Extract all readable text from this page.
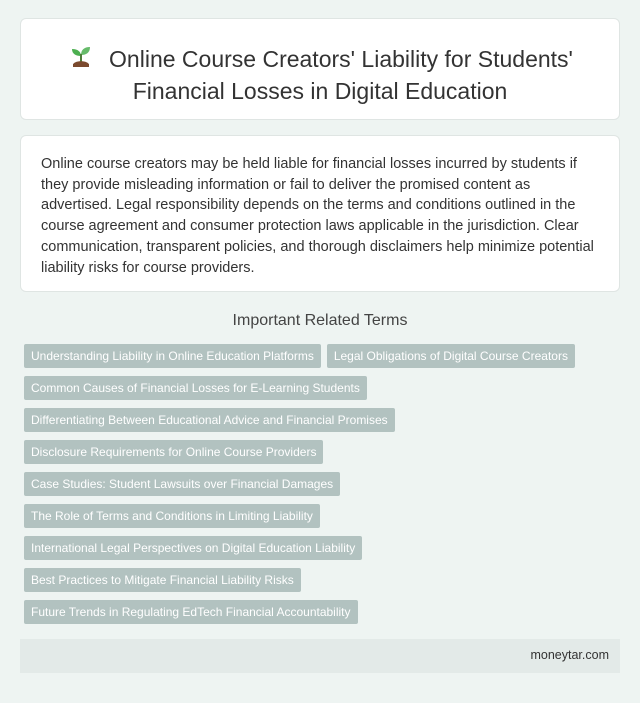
Online Course Creators' Liability for Students'
Financial Losses in Digital Education
Online course creators may be held liable for financial losses incurred by students if they provide misleading information or fail to deliver the promised content as advertised. Legal responsibility depends on the terms and conditions outlined in the course agreement and consumer protection laws applicable in the jurisdiction. Clear communication, transparent policies, and thorough disclaimers help minimize potential liability risks for course providers.
Important Related Terms
Understanding Liability in Online Education Platforms Legal Obligations of Digital Course Creators
Common Causes of Financial Losses for E-Learning Students
Differentiating Between Educational Advice and Financial Promises
Disclosure Requirements for Online Course Providers
Case Studies: Student Lawsuits over Financial Damages
The Role of Terms and Conditions in Limiting Liability
International Legal Perspectives on Digital Education Liability
Best Practices to Mitigate Financial Liability Risks
Future Trends in Regulating EdTech Financial Accountability
moneytar.com
